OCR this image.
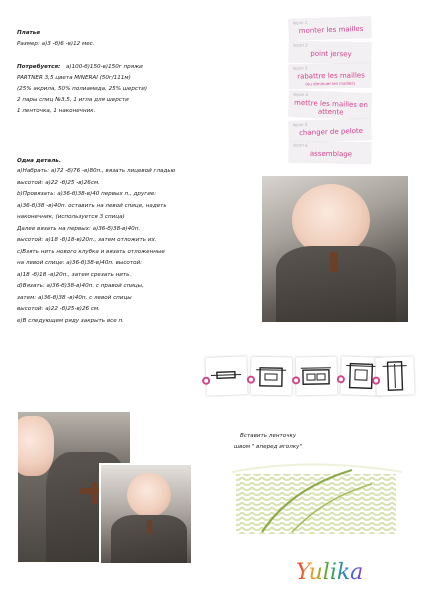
Платье
Размер: а)3 -б)6 -в)12 мес.
Потребуется: а)100-б)150-в)150г пряжи
PARTNER 3,5 цвета MINERAI (50г/111м)
(25% акрила, 50% полиамида, 25% шерсти)
2 пары спиц №3,5, 1 игла для шерсти
1 ленточка, 1 наконечник.
Одна деталь.
а)Набрать: а)72 -б)76 -в)80п., вязать лицевой гладью
высотой: а)22 -б)25 -в)26см.
b)Провязать: а)36-б)38-в)40 первых п., другие:
а)36-б)38 -в)40п. оставить на левой спице, надеть
наконечник, (используется 3 спица)
Далее вязать на первых: а)36-б)38-в)40п.
высотой: а)18 -б)18-в)20п., затем отложить их.
с)Взять нить нового клубка и вязать отложенные
на левой спице: а)36-б)38-в)40п. высотой:
а)18 -б)18 -в)20п., затем срезать нить.
d)Вязать: а)36-б)38-в)40п. с правой спицы,
затем: а)36-б)38 -в)40п. с левой спицы
высотой: а)22 -б)25-в)26 см.
e)В следующем ряду закрыть все п.
leçon 1
monter les mailles
leçon 2
point jersey
leçon 3
rabattre les mailles
(ou diminuer les mailles)
leçon 4
mettre les mailles en attente
leçon 5
changer de pelote
leçon 6
assemblage
Вставить ленточку
швом " вперед иголку"
Yulika
